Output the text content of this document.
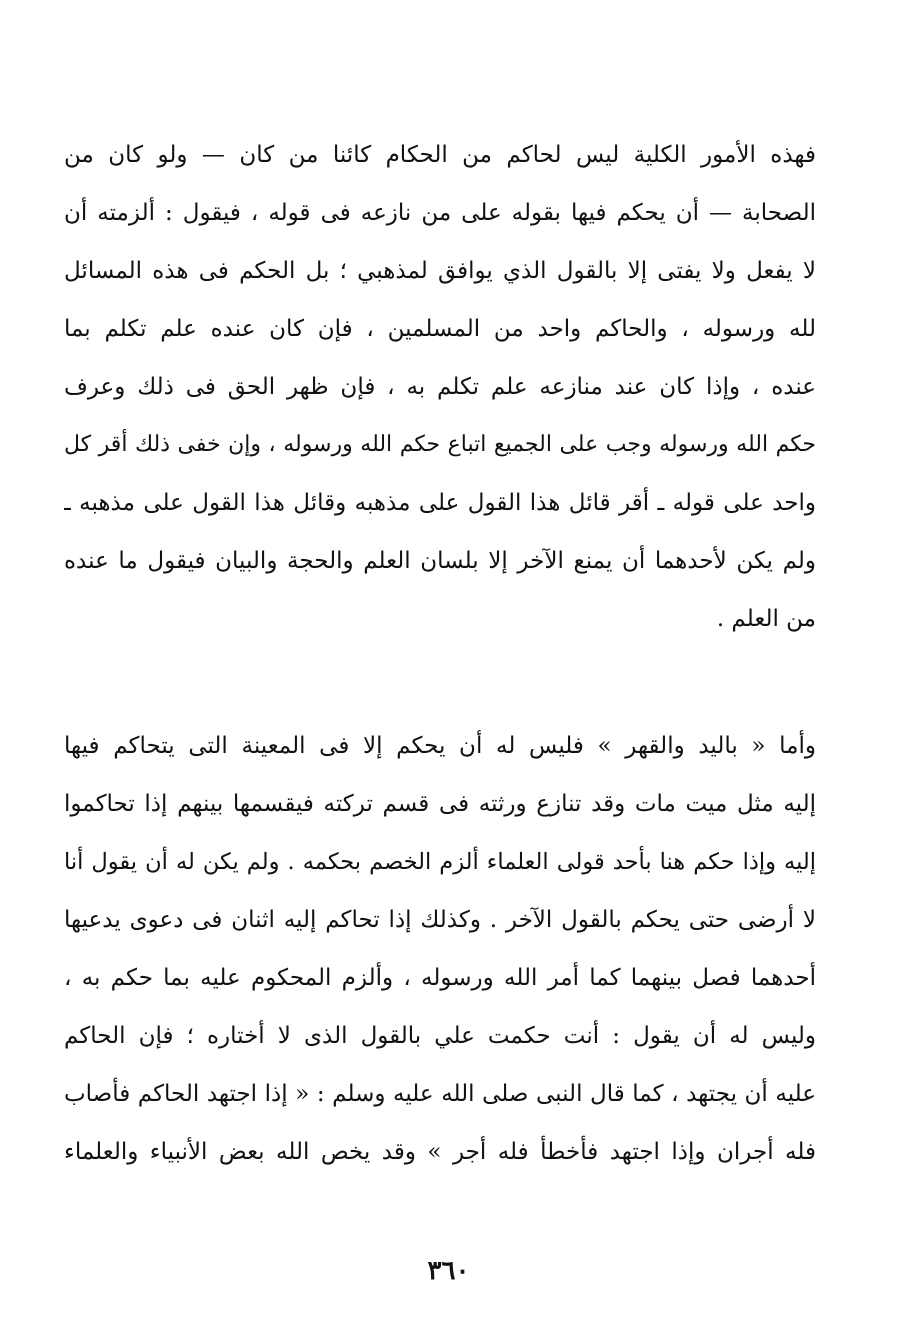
فهذه الأمور الكلية ليس لحاكم من الحكام كائنا من كان — ولو كان من
الصحابة — أن يحكم فيها بقوله على من نازعه فى قوله ، فيقول : ألزمته أن
لا يفعل ولا يفتى إلا بالقول الذي يوافق لمذهبي ؛ بل الحكم فى هذه المسائل
لله ورسوله ، والحاكم واحد من المسلمين ، فإن كان عنده علم تكلم بما
عنده ، وإذا كان عند منازعه علم تكلم به ، فإن ظهر الحق فى ذلك وعرف
حكم الله ورسوله وجب على الجميع اتباع حكم الله ورسوله ، وإن خفى ذلك أقر كل
واحد على قوله ـ أقر قائل هذا القول على مذهبه وقائل هذا القول على مذهبه ـ
ولم يكن لأحدهما أن يمنع الآخر إلا بلسان العلم والحجة والبيان فيقول ما عنده
من العلم .
وأما « باليد والقهر » فليس له أن يحكم إلا فى المعينة التى يتحاكم فيها
إليه مثل ميت مات وقد تنازع ورثته فى قسم تركته فيقسمها بينهم إذا تحاكموا
إليه وإذا حكم هنا بأحد قولى العلماء ألزم الخصم بحكمه . ولم يكن له أن يقول أنا
لا أرضى حتى يحكم بالقول الآخر . وكذلك إذا تحاكم إليه اثنان فى دعوى يدعيها
أحدهما فصل بينهما كما أمر الله ورسوله ، وألزم المحكوم عليه بما حكم به ،
وليس له أن يقول : أنت حكمت علي بالقول الذى لا أختاره ؛ فإن الحاكم
عليه أن يجتهد ، كما قال النبى صلى الله عليه وسلم : « إذا اجتهد الحاكم فأصاب
فله أجران وإذا اجتهد فأخطأ فله أجر » وقد يخص الله بعض الأنبياء والعلماء
٣٦٠
